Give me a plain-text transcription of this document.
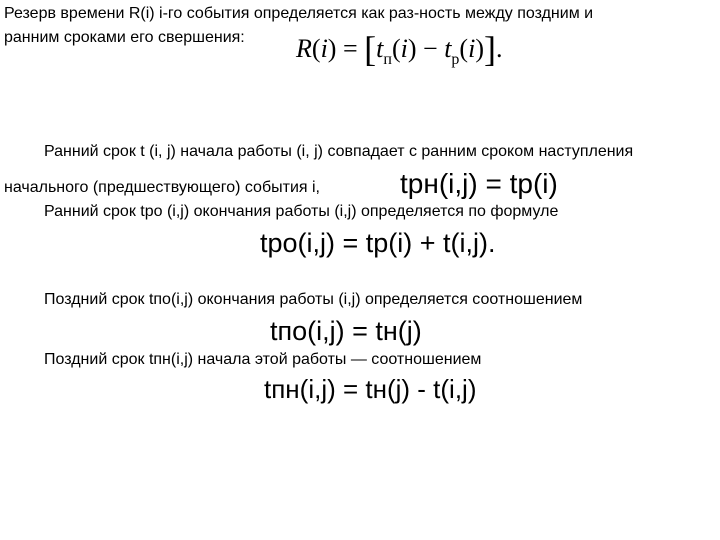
Резерв времени R(i) i-го события определяется как раз-ность между поздним и
ранним сроками его свершения: $R(i) = [t_п(i) - t_р(i)]$.
Ранний срок t (i, j) начала работы (i, j) совпадает с ранним сроком наступления
начального (предшествующего) события i,	tрн(i,j) = tр(i)
Ранний срок tро (i,j) окончания работы (i,j) определяется по формуле
tро(i,j) = tр(i) + t(i,j).
Поздний срок tпо(i,j) окончания работы (i,j) определяется соотношением
tпо(i,j) = tн(j)
Поздний срок tпн(i,j) начала этой работы — соотношением
tпн(i,j) = tн(j) - t(i,j)
